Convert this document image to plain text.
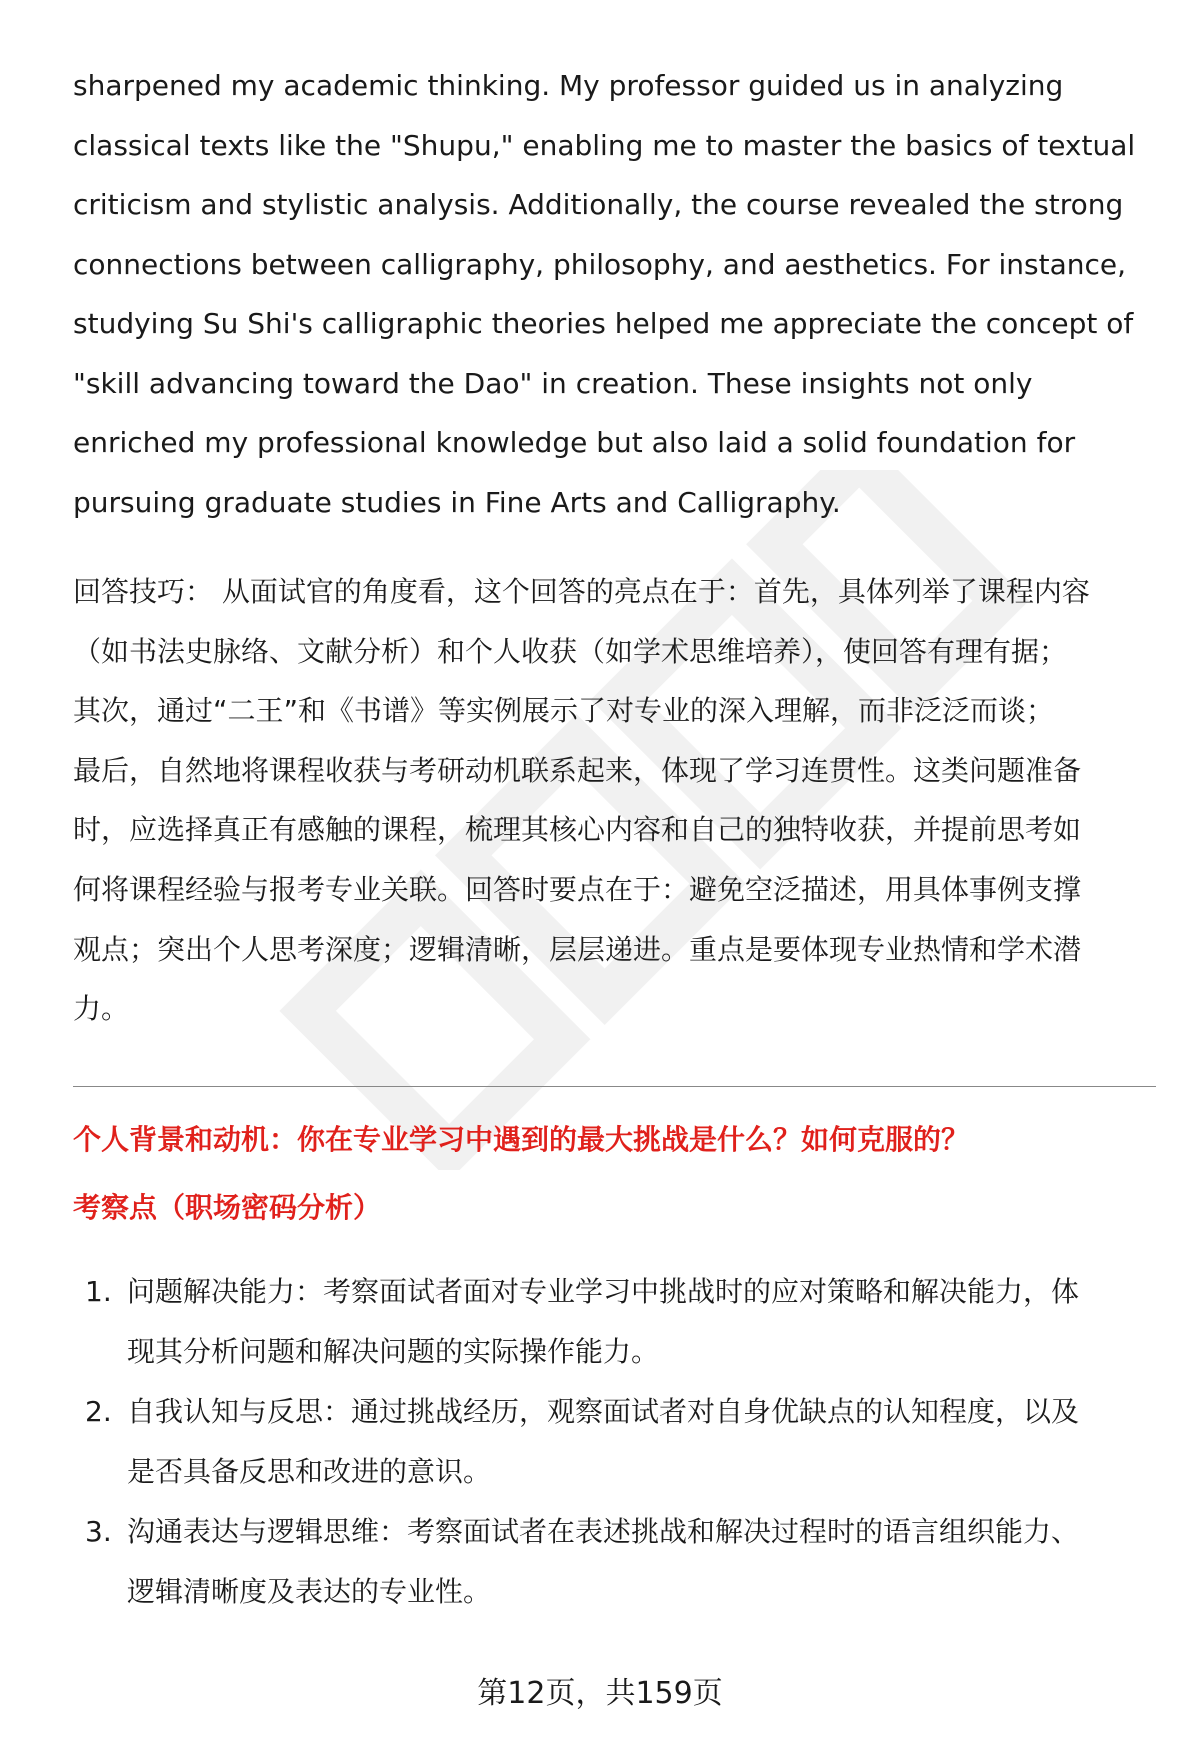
sharpened my academic thinking. My professor guided us in analyzing
classical texts like the "Shupu," enabling me to master the basics of textual
criticism and stylistic analysis. Additionally, the course revealed the strong
connections between calligraphy, philosophy, and aesthetics. For instance,
studying Su Shi's calligraphic theories helped me appreciate the concept of
"skill advancing toward the Dao" in creation. These insights not only
enriched my professional knowledge but also laid a solid foundation for
pursuing graduate studies in Fine Arts and Calligraphy.

回答技巧： 从面试官的角度看，这个回答的亮点在于：首先，具体列举了课程内容
（如书法史脉络、文献分析）和个人收获（如学术思维培养），使回答有理有据；
其次，通过“二王”和《书谱》等实例展示了对专业的深入理解，而非泛泛而谈；
最后，自然地将课程收获与考研动机联系起来，体现了学习连贯性。这类问题准备
时，应选择真正有感触的课程，梳理其核心内容和自己的独特收获，并提前思考如
何将课程经验与报考专业关联。回答时要点在于：避免空泛描述，用具体事例支撑
观点；突出个人思考深度；逻辑清晰，层层递进。重点是要体现专业热情和学术潜
力。

个人背景和动机：你在专业学习中遇到的最大挑战是什么？如何克服的？
考察点（职场密码分析）
1. 问题解决能力：考察面试者面对专业学习中挑战时的应对策略和解决能力，体
现其分析问题和解决问题的实际操作能力。
2. 自我认知与反思：通过挑战经历，观察面试者对自身优缺点的认知程度，以及
是否具备反思和改进的意识。
3. 沟通表达与逻辑思维：考察面试者在表述挑战和解决过程时的语言组织能力、
逻辑清晰度及表达的专业性。

第12页，共159页
